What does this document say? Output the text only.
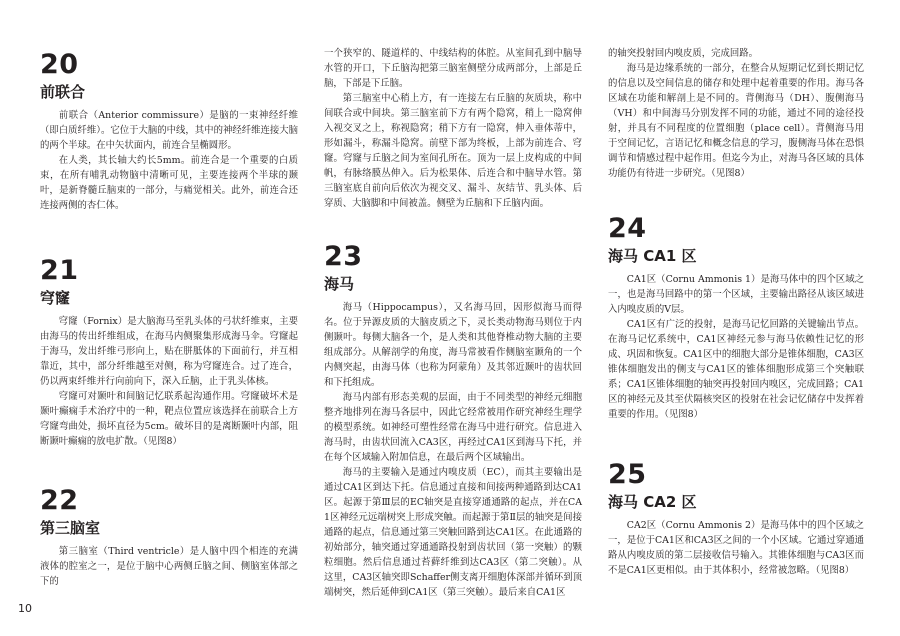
20
前联合

前联合（Anterior commissure）是脑的一束神经纤维（即白质纤维）。它位于大脑的中线，其中的神经纤维连接大脑的两个半球。在中矢状面内，前连合呈椭圆形。

在人类，其长轴大约长5mm。前连合是一个重要的白质束，在所有哺乳动物脑中清晰可见，主要连接两个半球的颞叶，是新脊髓丘脑束的一部分，与痛觉相关。此外，前连合还连接两侧的杏仁体。

21
穹窿

穹窿（Fornix）是大脑海马至乳头体的弓状纤维束，主要由海马的传出纤维组成，在海马内侧聚集形成海马伞。穹窿起于海马，发出纤维弓形向上，贴在胼胝体的下面前行，并互相靠近，其中，部分纤维越至对侧，称为穹窿连合。过了连合，仍以两束纤维并行向前向下，深入丘脑，止于乳头体核。

穹窿可对颞叶和间脑记忆联系起沟通作用。穹窿破坏术是颞叶癫痫手术治疗中的一种，靶点位置应该选择在前联合上方穹窿弯曲处，损坏直径为5cm。破坏目的是离断颞叶内部，阻断颞叶癫痫的放电扩散。（见图8）

22
第三脑室

第三脑室（Third ventricle）是人脑中四个相连的充满液体的腔室之一，是位于脑中心两侧丘脑之间、侧脑室体部之下的

一个狭窄的、隧道样的、中线结构的体腔。从室间孔到中脑导水管的开口，下丘脑沟把第三脑室侧壁分成两部分，上部是丘脑，下部是下丘脑。

第三脑室中心稍上方，有一连接左右丘脑的灰质块，称中间联合或中间块。第三脑室前下方有两个隐窝，稍上一隐窝伸入视交叉之上，称视隐窝；稍下方有一隐窝，伸入垂体蒂中，形如漏斗，称漏斗隐窝。前壁下部为终板，上部为前连合、穹窿。穹窿与丘脑之间为室间孔所在。顶为一层上皮构成的中间帆，有脉络膜丛伸入。后为松果体、后连合和中脑导水管。第三脑室底自前向后依次为视交叉、漏斗、灰结节、乳头体、后穿质、大脑脚和中间被盖。侧壁为丘脑和下丘脑内面。

23
海马

海马（Hippocampus），又名海马回，因形似海马而得名。位于异源皮质的大脑皮质之下，灵长类动物海马则位于内侧颞叶。每侧大脑各一个，是人类和其他脊椎动物大脑的主要组成部分。从解剖学的角度，海马常被看作侧脑室颞角的一个内侧突起，由海马体（也称为阿蒙角）及其邻近颞叶的齿状回和下托组成。

海马内部有形态美观的层面，由于不同类型的神经元细胞整齐地排列在海马各层中，因此它经常被用作研究神经生理学的模型系统。如神经可塑性经常在海马中进行研究。信息进入海马时，由齿状回流入CA3区，再经过CA1区到海马下托，并在每个区域输入附加信息，在最后两个区域输出。

海马的主要输入是通过内嗅皮质（EC），而其主要输出是通过CA1区到达下托。信息通过直接和间接两种通路到达CA1区。起源于第Ⅲ层的EC轴突是直接穿通通路的起点，并在CA1区神经元远端树突上形成突触。而起源于第Ⅱ层的轴突是间接通路的起点，信息通过第三突触回路到达CA1区。在此通路的初始部分，轴突通过穿通通路投射到齿状回（第一突触）的颗粒细胞。然后信息通过苔藓纤维到达CA3区（第二突触）。从这里，CA3区轴突即Schaffer侧支离开细胞体深部并循环到顶端树突，然后延伸到CA1区（第三突触）。最后来自CA1区

的轴突投射回内嗅皮质，完成回路。

海马是边缘系统的一部分，在整合从短期记忆到长期记忆的信息以及空间信息的储存和处理中起着重要的作用。海马各区域在功能和解剖上是不同的。背侧海马（DH）、腹侧海马（VH）和中间海马分别发挥不同的功能，通过不同的途径投射，并具有不同程度的位置细胞（place cell）。背侧海马用于空间记忆，言语记忆和概念信息的学习，腹侧海马体在恐惧调节和情感过程中起作用。但迄今为止，对海马各区域的具体功能仍有待进一步研究。（见图8）

24
海马 CA1 区

CA1区（Cornu Ammonis 1）是海马体中的四个区域之一，也是海马回路中的第一个区域，主要输出路径从该区域进入内嗅皮质的V层。

CA1区有广泛的投射，是海马记忆回路的关键输出节点。在海马记忆系统中，CA1区神经元参与海马依赖性记忆的形成、巩固和恢复。CA1区中的细胞大部分是锥体细胞，CA3区锥体细胞发出的侧支与CA1区的锥体细胞形成第三个突触联系；CA1区锥体细胞的轴突再投射回内嗅区，完成回路；CA1区的神经元及其至伏隔核突区的投射在社会记忆储存中发挥着重要的作用。（见图8）

25
海马 CA2 区

CA2区（Cornu Ammonis 2）是海马体中的四个区域之一，是位于CA1区和CA3区之间的一个小区域。它通过穿通通路从内嗅皮质的第二层接收信号输入。其锥体细胞与CA3区而不是CA1区更相似。由于其体积小，经常被忽略。（见图8）

10
